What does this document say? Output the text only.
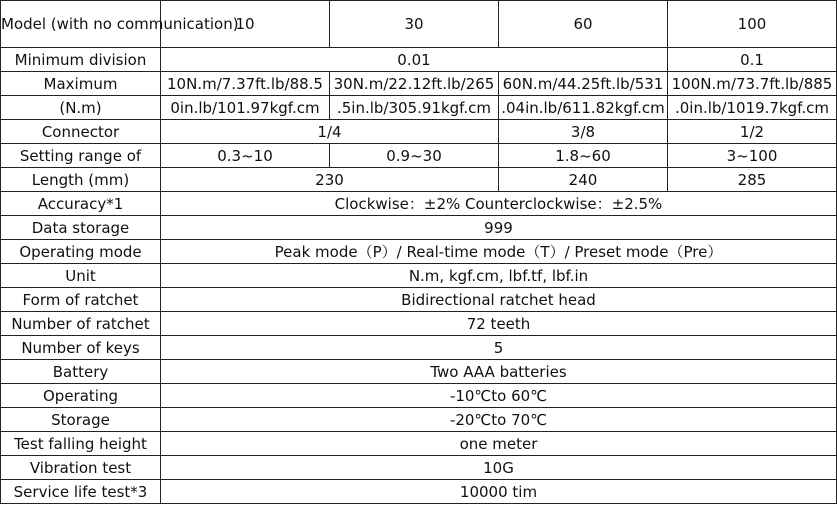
Model (with no communication)	10	30	60	100
Minimum division	0.01			0.1
Maximum	10N.m/7.37ft.lb/88.5	30N.m/22.12ft.lb/265	60N.m/44.25ft.lb/531	100N.m/73.7ft.lb/885
(N.m)	0in.lb/101.97kgf.cm	.5in.lb/305.91kgf.cm	.04in.lb/611.82kgf.cm	.0in.lb/1019.7kgf.cm
Connector	1/4		3/8	1/2
Setting range of	0.3~10	0.9~30	1.8~60	3~100
Length (mm)	230		240	285
Accuracy*1	Clockwise：±2% Counterclockwise：±2.5%			
Data storage	999			
Operating mode	Peak mode（P）/ Real-time mode（T）/ Preset mode（Pre）			
Unit	N.m, kgf.cm, lbf.tf, lbf.in			
Form of ratchet	Bidirectional ratchet head			
Number of ratchet	72 teeth			
Number of keys	5			
Battery	Two AAA batteries			
Operating	-10℃to 60℃			
Storage	-20℃to 70℃			
Test falling height	one meter			
Vibration test	10G			
Service life test*3	10000 tim			
